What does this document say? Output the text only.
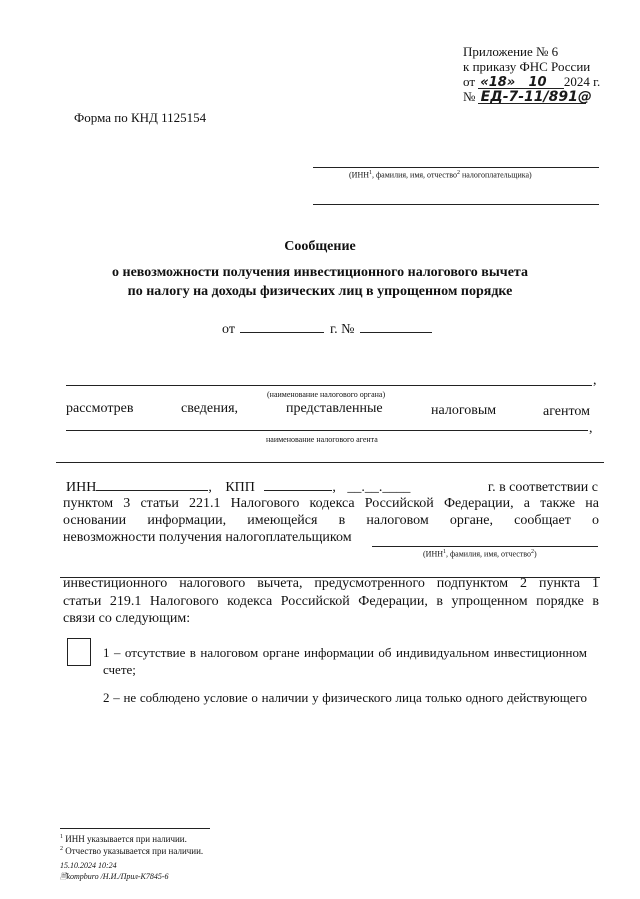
Приложение № 6
к приказу ФНС России
от «18» 10 2024 г.
№ ЕД-7-11/891@
Форма по КНД 1125154
(ИНН$^1$, фамилия, имя, отчество$^2$ налогоплательщика)
Сообщение
о невозможности получения инвестиционного налогового вычета
по налогу на доходы физических лиц в упрощенном порядке
от	г. №
,
(наименование налогового органа)
рассмотрев	сведения,	представленные	налоговым	агентом
,
наименование налогового агента
ИНН	, КПП	, __.__.____	г. в соответствии с
пунктом 3 статьи 221.1 Налогового кодекса Российской Федерации, а также на
основании информации, имеющейся в налоговом органе, сообщает о
невозможности получения налогоплательщиком
(ИНН$^1$, фамилия, имя, отчество$^2$)
инвестиционного налогового вычета, предусмотренного подпунктом 2 пункта 1
статьи 219.1 Налогового кодекса Российской Федерации, в упрощенном порядке в
связи со следующим:
1 – отсутствие в налоговом органе информации об индивидуальном инвестиционном
счете;
2 – не соблюдено условие о наличии у физического лица только одного действующего
$^1$ ИНН указывается при наличии.
$^2$ Отчество указывается при наличии.
15.10.2024 10:24
🗎kompburo /Н.И./Прил-К7845-6
